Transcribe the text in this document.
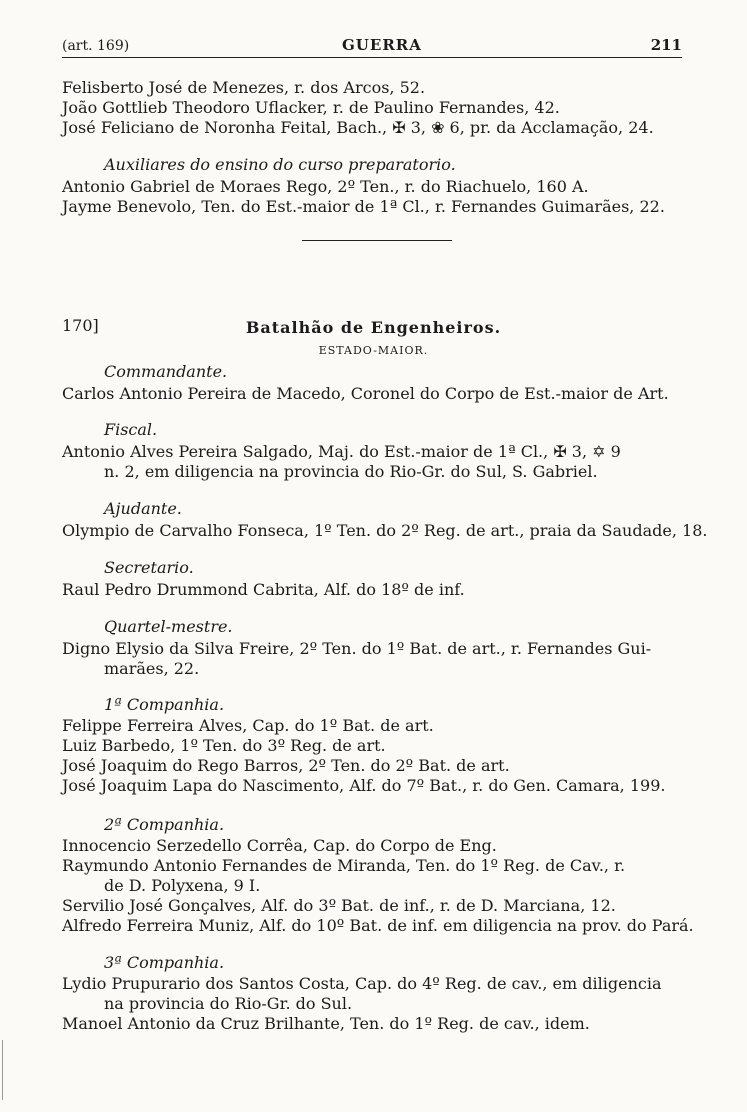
(art. 169)	GUERRA	211
Felisberto José de Menezes, r. dos Arcos, 52.
João Gottlieb Theodoro Uflacker, r. de Paulino Fernandes, 42.
José Feliciano de Noronha Feital, Bach., ✠ 3, ❀ 6, pr. da Acclamação, 24.
Auxiliares do ensino do curso preparatorio.
Antonio Gabriel de Moraes Rego, 2º Ten., r. do Riachuelo, 160 A.
Jayme Benevolo, Ten. do Est.-maior de 1ª Cl., r. Fernandes Guimarães, 22.
170]	Batalhão de Engenheiros.
ESTADO-MAIOR.
Commandante.
Carlos Antonio Pereira de Macedo, Coronel do Corpo de Est.-maior de Art.
Fiscal.
Antonio Alves Pereira Salgado, Maj. do Est.-maior de 1ª Cl., ✠ 3, ✡ 9
n. 2, em diligencia na provincia do Rio-Gr. do Sul, S. Gabriel.
Ajudante.
Olympio de Carvalho Fonseca, 1º Ten. do 2º Reg. de art., praia da Saudade, 18.
Secretario.
Raul Pedro Drummond Cabrita, Alf. do 18º de inf.
Quartel-mestre.
Digno Elysio da Silva Freire, 2º Ten. do 1º Bat. de art., r. Fernandes Gui-
marães, 22.
1ª Companhia.
Felippe Ferreira Alves, Cap. do 1º Bat. de art.
Luiz Barbedo, 1º Ten. do 3º Reg. de art.
José Joaquim do Rego Barros, 2º Ten. do 2º Bat. de art.
José Joaquim Lapa do Nascimento, Alf. do 7º Bat., r. do Gen. Camara, 199.
2ª Companhia.
Innocencio Serzedello Corrêa, Cap. do Corpo de Eng.
Raymundo Antonio Fernandes de Miranda, Ten. do 1º Reg. de Cav., r.
de D. Polyxena, 9 I.
Servilio José Gonçalves, Alf. do 3º Bat. de inf., r. de D. Marciana, 12.
Alfredo Ferreira Muniz, Alf. do 10º Bat. de inf. em diligencia na prov. do Pará.
3ª Companhia.
Lydio Prupurario dos Santos Costa, Cap. do 4º Reg. de cav., em diligencia
na provincia do Rio-Gr. do Sul.
Manoel Antonio da Cruz Brilhante, Ten. do 1º Reg. de cav., idem.
